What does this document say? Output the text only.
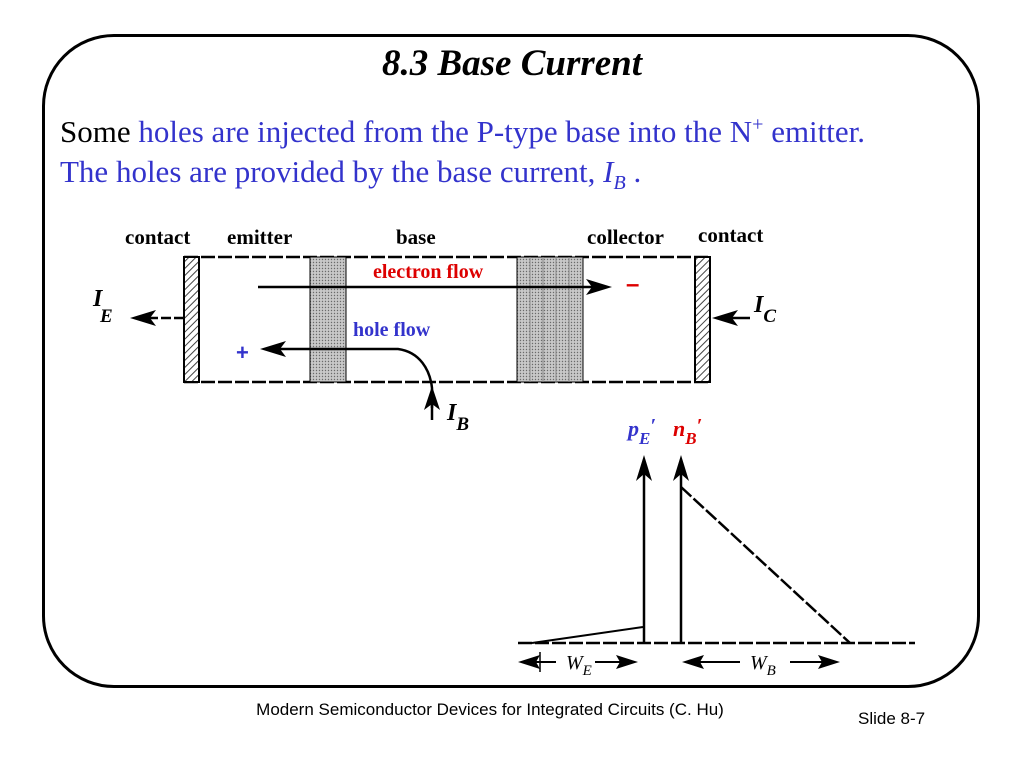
8.3 Base Current
Some holes are injected from the P-type base into the N+ emitter.
The holes are provided by the base current, $I_B$ .
contact emitter	base	collector contact
electron flow	–
hole flow
+
$I_B$
I E	$I_C$
$p_E'$ $n_B'$
$W_E$	$W_B$
Modern Semiconductor Devices for Integrated Circuits (C. Hu)	Slide 8-7
